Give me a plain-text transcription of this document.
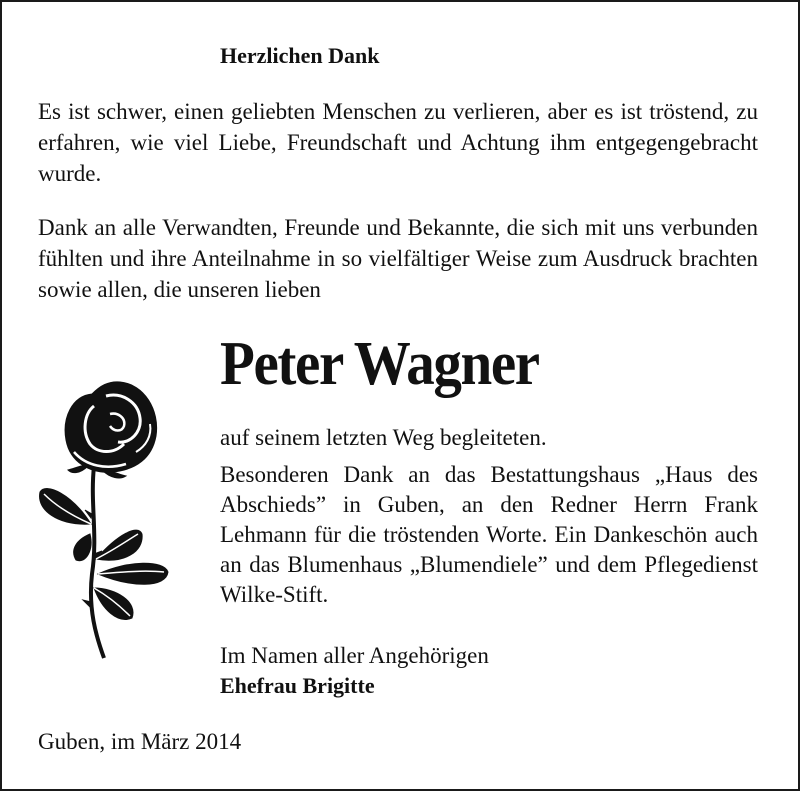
Herzlichen Dank

Es ist schwer, einen geliebten Menschen zu verlieren, aber es ist tröstend, zu erfahren, wie viel Liebe, Freundschaft und Achtung ihm entgegengebracht wurde.

Dank an alle Verwandten, Freunde und Bekannte, die sich mit uns verbunden fühlten und ihre Anteilnahme in so vielfältiger Weise zum Ausdruck brachten sowie allen, die unseren lieben

Peter Wagner

auf seinem letzten Weg begleiteten.

Besonderen Dank an das Bestattungshaus „Haus des Abschieds” in Guben, an den Redner Herrn Frank Lehmann für die tröstenden Worte. Ein Dankeschön auch an das Blumenhaus „Blumendiele” und dem Pflegedienst Wilke-Stift.

Im Namen aller Angehörigen

Ehefrau Brigitte

Guben, im März 2014
